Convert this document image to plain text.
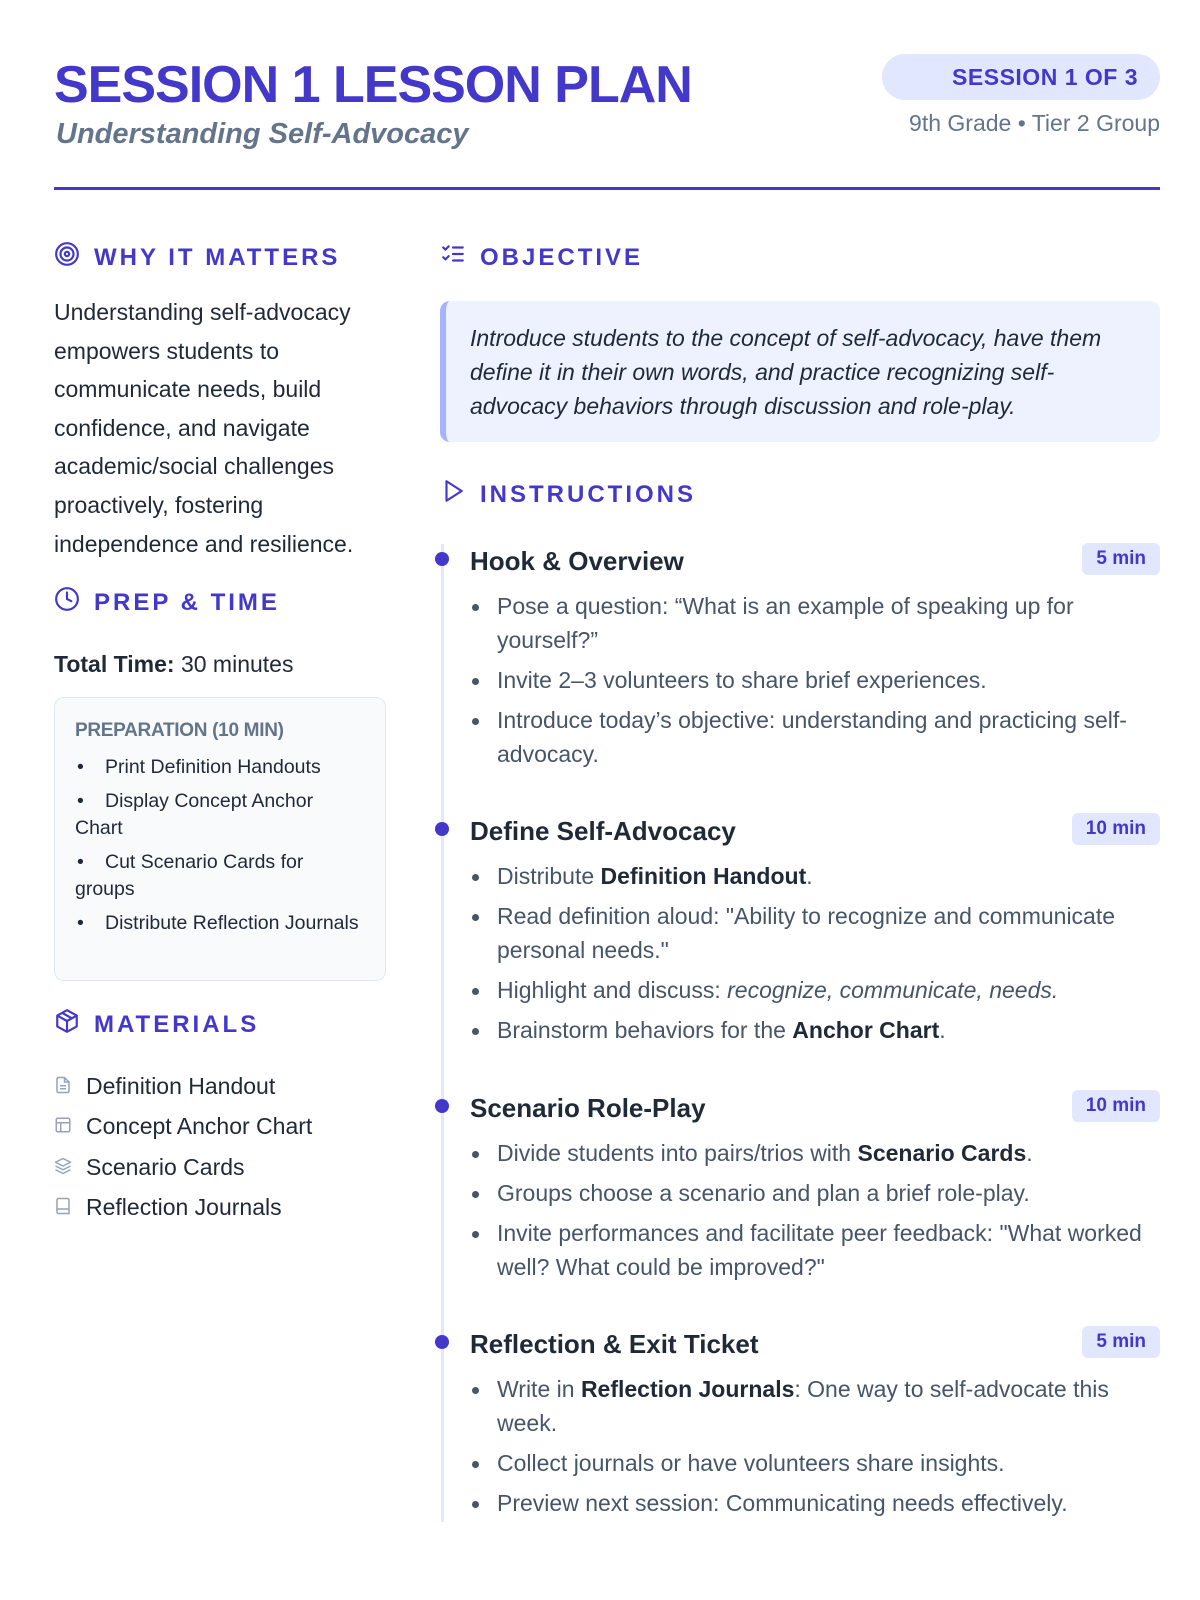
SESSION 1 LESSON PLAN
Understanding Self-Advocacy
SESSION 1 OF 3
9th Grade • Tier 2 Group
WHY IT MATTERS
Understanding self-advocacy empowers students to communicate needs, build confidence, and navigate academic/social challenges proactively, fostering independence and resilience.
PREP & TIME
Total Time: 30 minutes
PREPARATION (10 MIN)
• Print Definition Handouts
• Display Concept Anchor Chart
• Cut Scenario Cards for groups
• Distribute Reflection Journals
MATERIALS
Definition Handout
Concept Anchor Chart
Scenario Cards
Reflection Journals
OBJECTIVE
Introduce students to the concept of self-advocacy, have them define it in their own words, and practice recognizing self-advocacy behaviors through discussion and role-play.
INSTRUCTIONS
Hook & Overview	5 min
Pose a question: “What is an example of speaking up for yourself?”
Invite 2–3 volunteers to share brief experiences.
Introduce today’s objective: understanding and practicing self-advocacy.
Define Self-Advocacy	10 min
Distribute Definition Handout.
Read definition aloud: "Ability to recognize and communicate personal needs."
Highlight and discuss: recognize, communicate, needs.
Brainstorm behaviors for the Anchor Chart.
Scenario Role-Play	10 min
Divide students into pairs/trios with Scenario Cards.
Groups choose a scenario and plan a brief role-play.
Invite performances and facilitate peer feedback: "What worked well? What could be improved?"
Reflection & Exit Ticket	5 min
Write in Reflection Journals: One way to self-advocate this week.
Collect journals or have volunteers share insights.
Preview next session: Communicating needs effectively.
